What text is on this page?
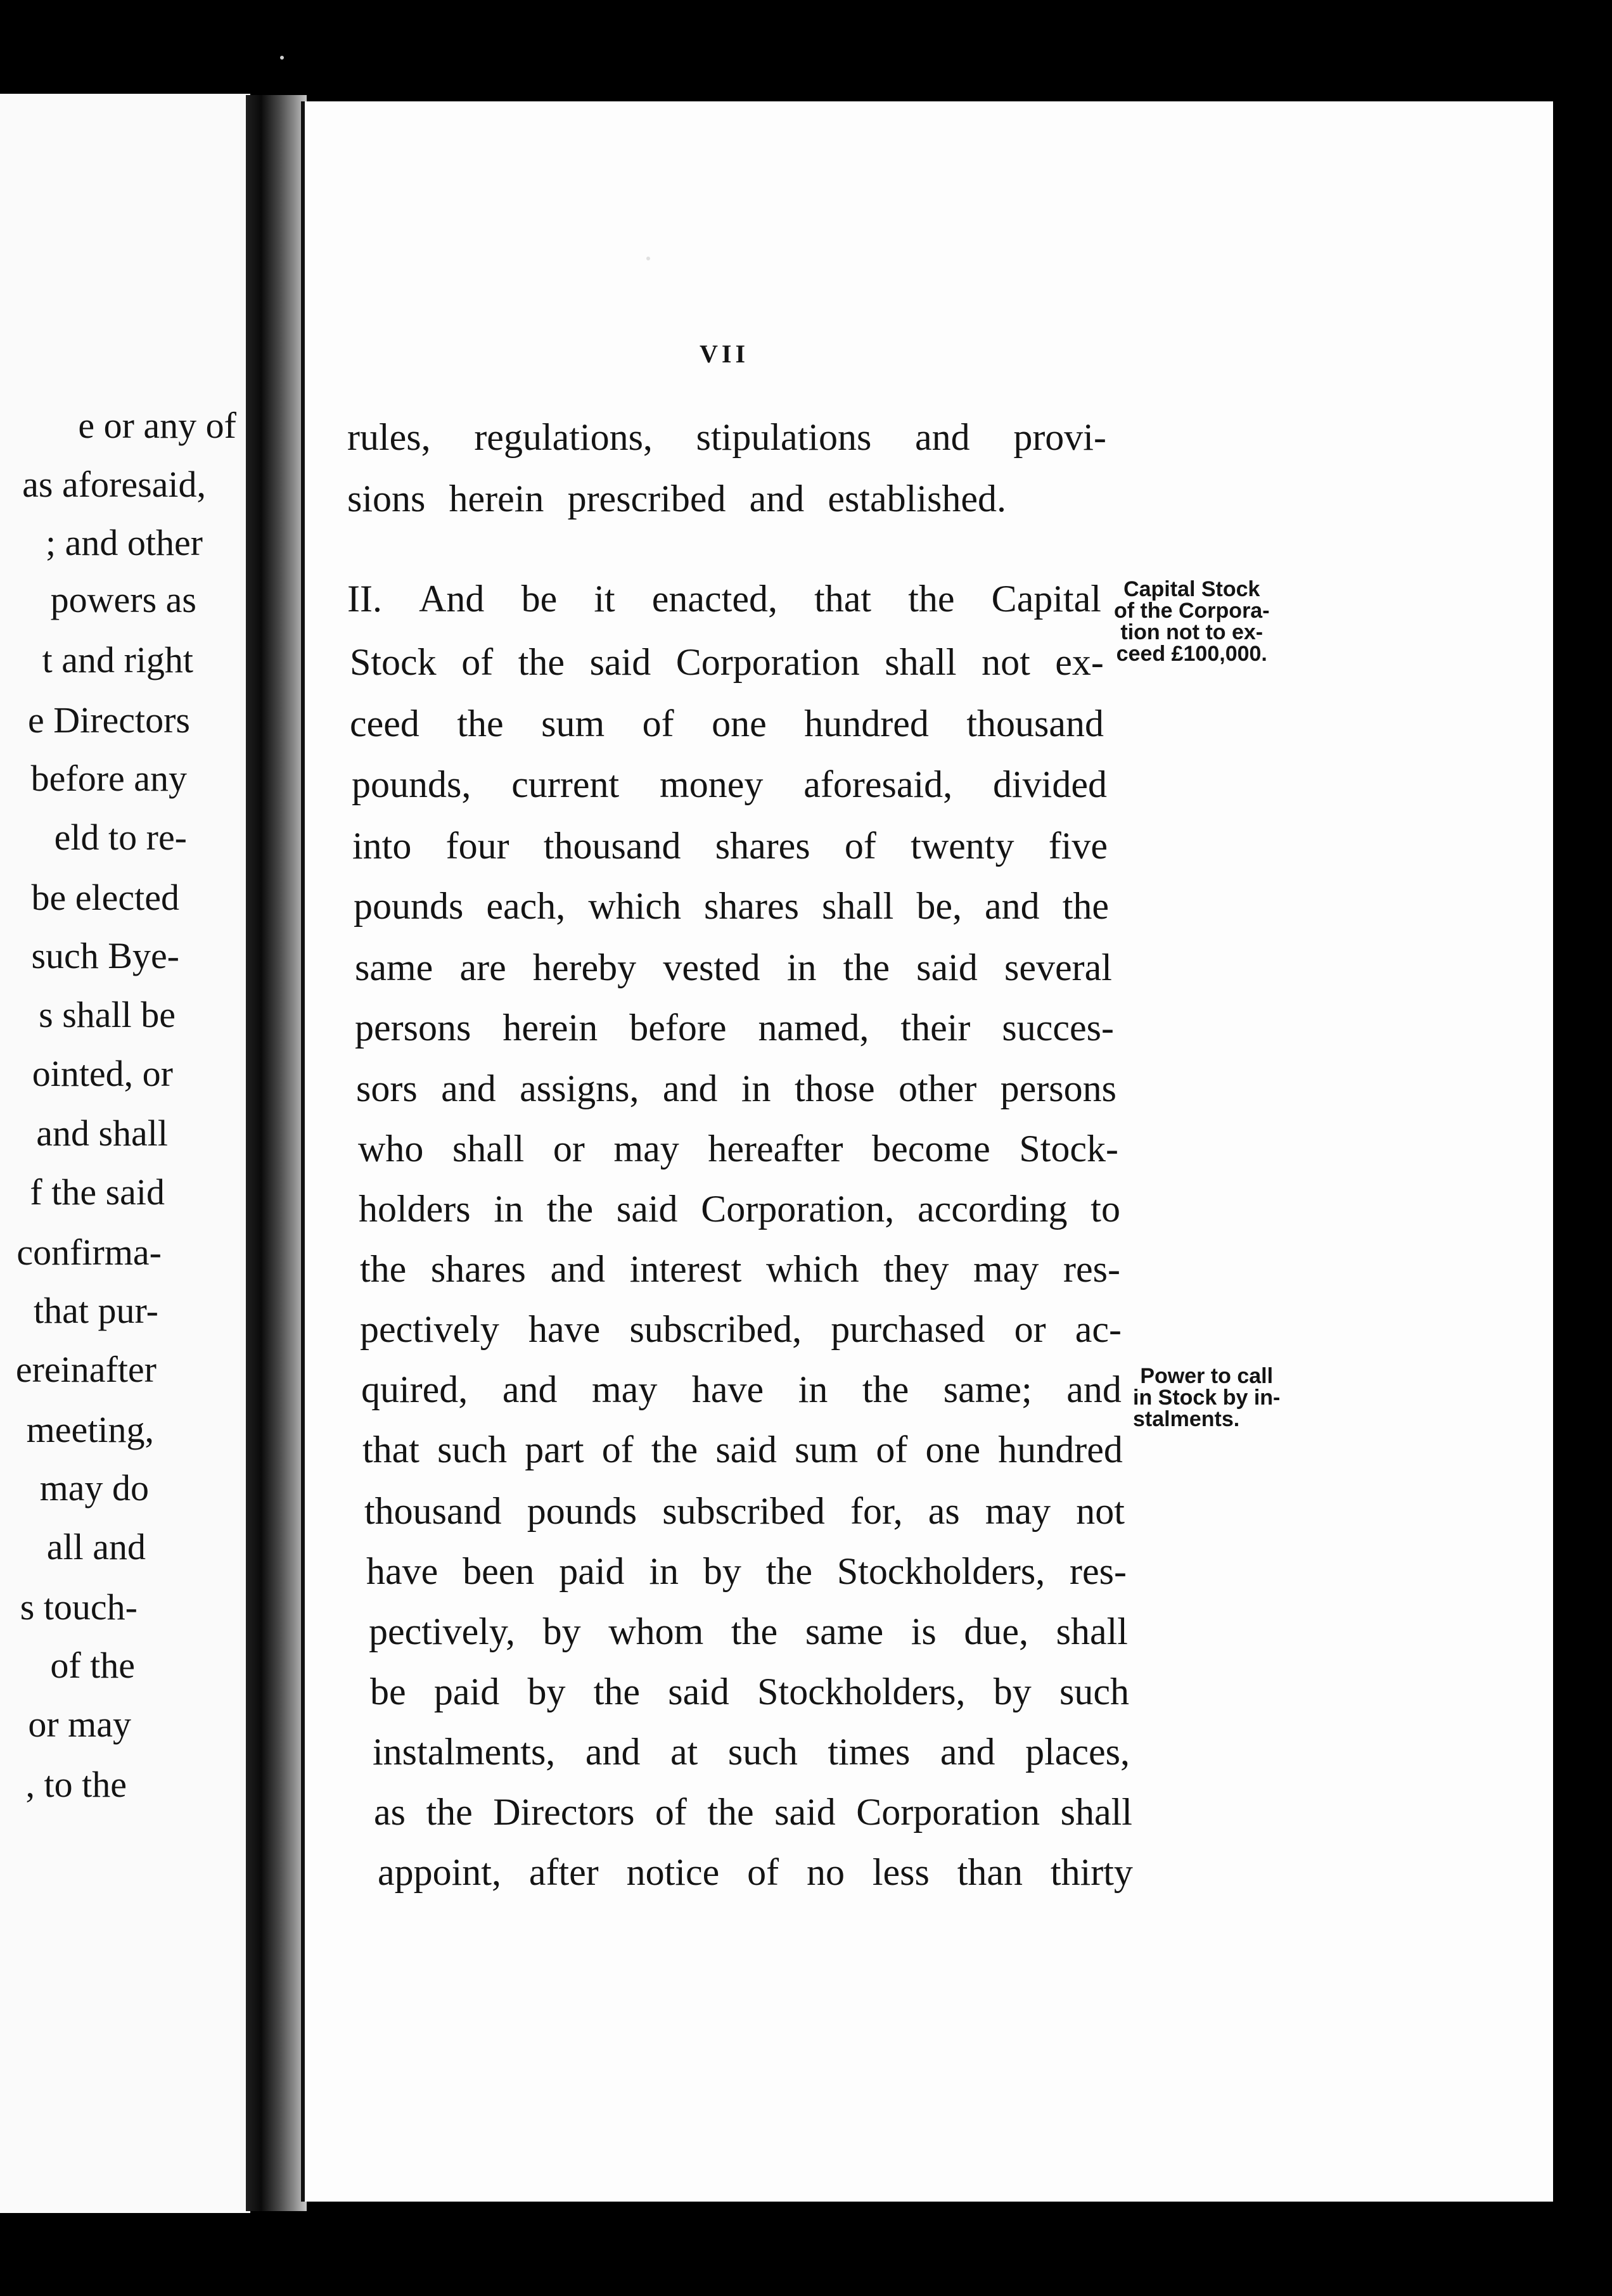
e or any of
as aforesaid,
; and other
powers as
t and right
e Directors
before any
eld to re-
be elected
such Bye-
s shall be
ointed, or
and shall
f the said
confirma-
that pur-
ereinafter
meeting,
may do
all and
s touch-
of the
or may
, to the
VII
rules, regulations, stipulations and provi-
sions herein prescribed and established.
II. And be it enacted, that the Capital
Stock of the said Corporation shall not ex-
ceed the sum of one hundred thousand
pounds, current money aforesaid, divided
into four thousand shares of twenty five
pounds each, which shares shall be, and the
same are hereby vested in the said several
persons herein before named, their succes-
sors and assigns, and in those other persons
who shall or may hereafter become Stock-
holders in the said Corporation, according to
the shares and interest which they may res-
pectively have subscribed, purchased or ac-
quired, and may have in the same; and
that such part of the said sum of one hundred
thousand pounds subscribed for, as may not
have been paid in by the Stockholders, res-
pectively, by whom the same is due, shall
be paid by the said Stockholders, by such
instalments, and at such times and places,
as the Directors of the said Corporation shall
appoint, after notice of no less than thirty
Capital Stock
of the Corpora-
tion not to ex-
ceed £100,000.
Power to call
in Stock by in-
stalments.
